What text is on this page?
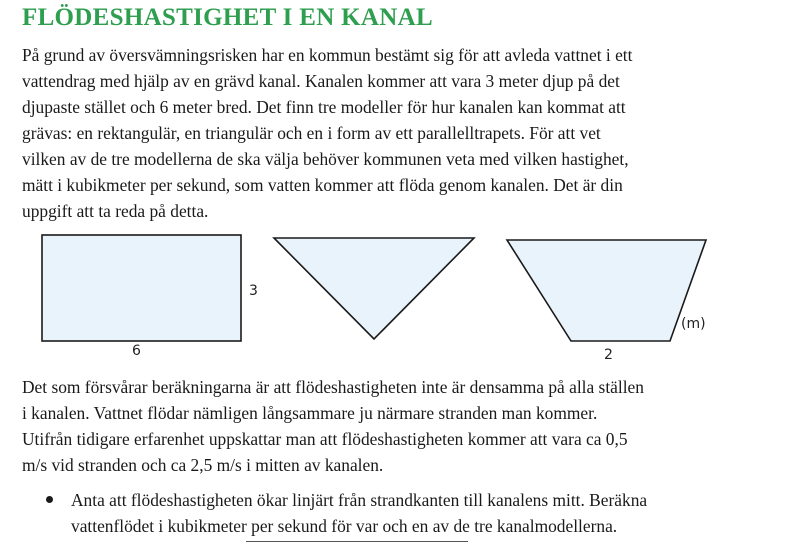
FLÖDESHASTIGHET I EN KANAL
På grund av översvämningsrisken har en kommun bestämt sig för att avleda vattnet i ett
vattendrag med hjälp av en grävd kanal. Kanalen kommer att vara 3 meter djup på det
djupaste stället och 6 meter bred. Det finn tre modeller för hur kanalen kan kommat att
grävas: en rektangulär, en triangulär och en i form av ett parallelltrapets. För att vet
vilken av de tre modellerna de ska välja behöver kommunen veta med vilken hastighet,
mätt i kubikmeter per sekund, som vatten kommer att flöda genom kanalen. Det är din
uppgift att ta reda på detta.
3
6	2
(m)
Det som försvårar beräkningarna är att flödeshastigheten inte är densamma på alla ställen
i kanalen. Vattnet flödar nämligen långsammare ju närmare stranden man kommer.
Utifrån tidigare erfarenhet uppskattar man att flödeshastigheten kommer att vara ca 0,5
m/s vid stranden och ca 2,5 m/s i mitten av kanalen.
Anta att flödeshastigheten ökar linjärt från strandkanten till kanalens mitt. Beräkna
vattenflödet i kubikmeter per sekund för var och en av de tre kanalmodellerna.
